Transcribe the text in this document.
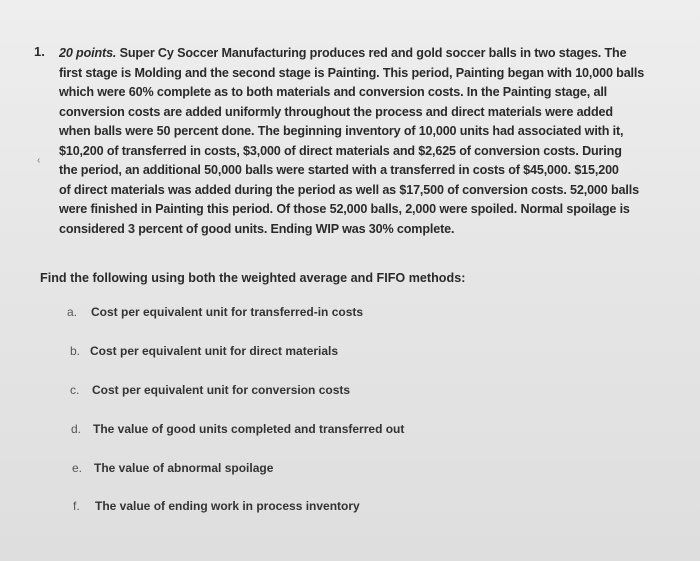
1. 20 points. Super Cy Soccer Manufacturing produces red and gold soccer balls in two stages. The
first stage is Molding and the second stage is Painting. This period, Painting began with 10,000 balls
which were 60% complete as to both materials and conversion costs. In the Painting stage, all
conversion costs are added uniformly throughout the process and direct materials were added
when balls were 50 percent done. The beginning inventory of 10,000 units had associated with it,
$10,200 of transferred in costs, $3,000 of direct materials and $2,625 of conversion costs. During
the period, an additional 50,000 balls were started with a transferred in costs of $45,000. $15,200
of direct materials was added during the period as well as $17,500 of conversion costs. 52,000 balls
were finished in Painting this period. Of those 52,000 balls, 2,000 were spoiled. Normal spoilage is
considered 3 percent of good units. Ending WIP was 30% complete.
‹
Find the following using both the weighted average and FIFO methods:
a. Cost per equivalent unit for transferred-in costs
b. Cost per equivalent unit for direct materials
c. Cost per equivalent unit for conversion costs
d. The value of good units completed and transferred out
e. The value of abnormal spoilage
f. The value of ending work in process inventory
